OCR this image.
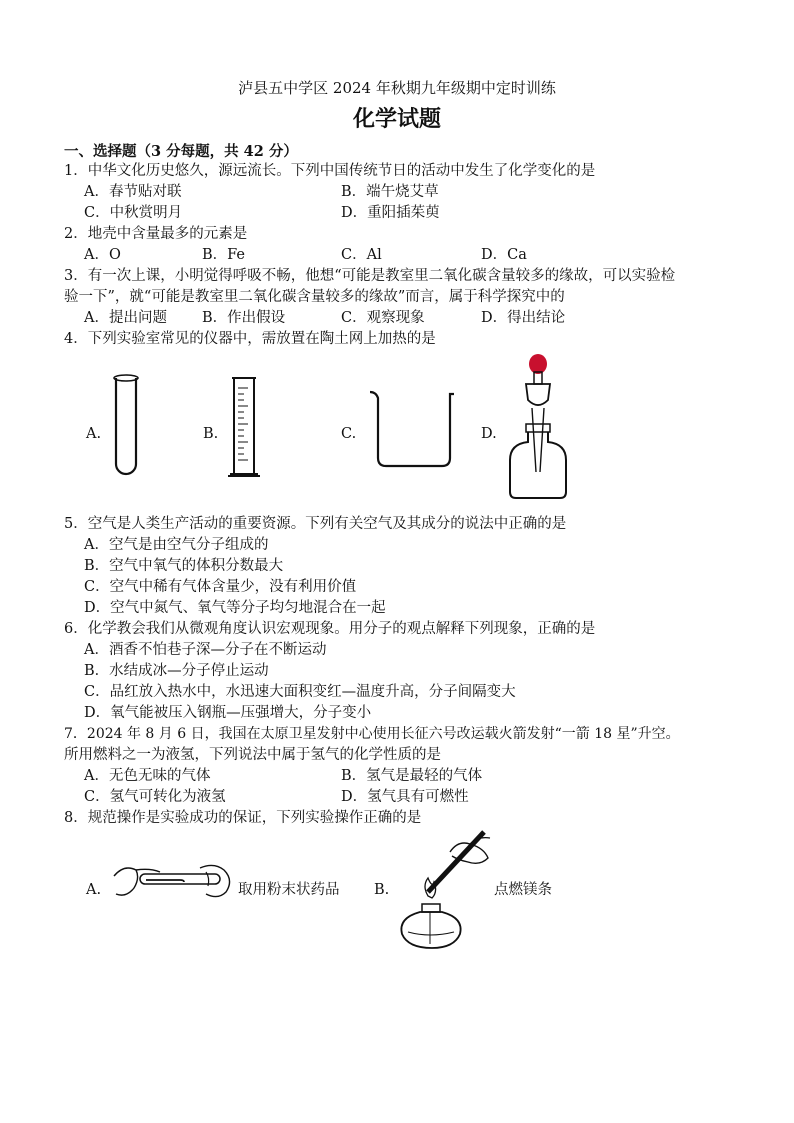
泸县五中学区 2024 年秋期九年级期中定时训练
化学试题
一、选择题（3 分每题，共 42 分）
1．中华文化历史悠久，源远流长。下列中国传统节日的活动中发生了化学变化的是
A．春节贴对联	B．端午烧艾草
C．中秋赏明月	D．重阳插茱萸
2．地壳中含量最多的元素是
A．O	B．Fe	C．Al	D．Ca
3．有一次上课，小明觉得呼吸不畅，他想“可能是教室里二氧化碳含量较多的缘故，可以实验检
验一下”，就“可能是教室里二氧化碳含量较多的缘故”而言，属于科学探究中的
A．提出问题 B．作出假设	C．观察现象	D．得出结论
4．下列实验室常见的仪器中，需放置在陶土网上加热的是
A.	B.	C.	D.
5．空气是人类生产活动的重要资源。下列有关空气及其成分的说法中正确的是
A．空气是由空气分子组成的
B．空气中氧气的体积分数最大
C．空气中稀有气体含量少，没有利用价值
D．空气中氮气、氧气等分子均匀地混合在一起
6．化学教会我们从微观角度认识宏观现象。用分子的观点解释下列现象，正确的是
A．酒香不怕巷子深—分子在不断运动
B．水结成冰—分子停止运动
C．品红放入热水中，水迅速大面积变红—温度升高，分子间隔变大
D．氧气能被压入钢瓶—压强增大，分子变小
7．2024 年 8 月 6 日，我国在太原卫星发射中心使用长征六号改运载火箭发射“一箭 18 星”升空。
所用燃料之一为液氢，下列说法中属于氢气的化学性质的是
A．无色无味的气体	B．氢气是最轻的气体
C．氢气可转化为液氢	D．氢气具有可燃性
8．规范操作是实验成功的保证，下列实验操作正确的是
A.	取用粉末状药品 B.	点燃镁条
